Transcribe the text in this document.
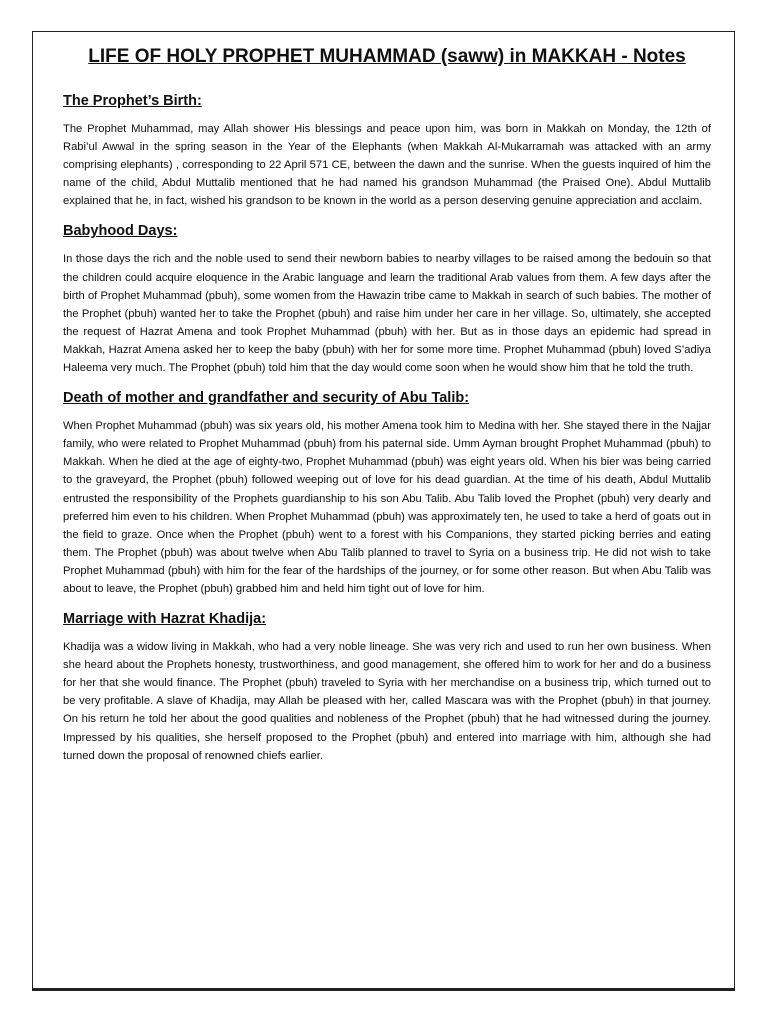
LIFE OF HOLY PROPHET MUHAMMAD (saww) in MAKKAH - Notes
The Prophet’s Birth:

The Prophet Muhammad, may Allah shower His blessings and peace upon him, was born in Makkah on Monday, the 12th of Rabi’ul Awwal in the spring season in the Year of the Elephants (when Makkah Al-Mukarramah was attacked with an army comprising elephants) , corresponding to 22 April 571 CE, between the dawn and the sunrise. When the guests inquired of him the name of the child, Abdul Muttalib mentioned that he had named his grandson Muhammad (the Praised One). Abdul Muttalib explained that he, in fact, wished his grandson to be known in the world as a person deserving genuine appreciation and acclaim.

Babyhood Days:

In those days the rich and the noble used to send their newborn babies to nearby villages to be raised among the bedouin so that the children could acquire eloquence in the Arabic language and learn the traditional Arab values from them. A few days after the birth of Prophet Muhammad (pbuh), some women from the Hawazin tribe came to Makkah in search of such babies. The mother of the Prophet (pbuh) wanted her to take the Prophet (pbuh) and raise him under her care in her village. So, ultimately, she accepted the request of Hazrat Amena and took Prophet Muhammad (pbuh) with her. But as in those days an epidemic had spread in Makkah, Hazrat Amena asked her to keep the baby (pbuh) with her for some more time. Prophet Muhammad (pbuh) loved S’adiya Haleema very much. The Prophet (pbuh) told him that the day would come soon when he would show him that he told the truth.

Death of mother and grandfather and security of Abu Talib:

When Prophet Muhammad (pbuh) was six years old, his mother Amena took him to Medina with her. She stayed there in the Najjar family, who were related to Prophet Muhammad (pbuh) from his paternal side. Umm Ayman brought Prophet Muhammad (pbuh) to Makkah. When he died at the age of eighty-two, Prophet Muhammad (pbuh) was eight years old. When his bier was being carried to the graveyard, the Prophet (pbuh) followed weeping out of love for his dead guardian. At the time of his death, Abdul Muttalib entrusted the responsibility of the Prophets guardianship to his son Abu Talib. Abu Talib loved the Prophet (pbuh) very dearly and preferred him even to his children. When Prophet Muhammad (pbuh) was approximately ten, he used to take a herd of goats out in the field to graze. Once when the Prophet (pbuh) went to a forest with his Companions, they started picking berries and eating them. The Prophet (pbuh) was about twelve when Abu Talib planned to travel to Syria on a business trip. He did not wish to take Prophet Muhammad (pbuh) with him for the fear of the hardships of the journey, or for some other reason. But when Abu Talib was about to leave, the Prophet (pbuh) grabbed him and held him tight out of love for him.

Marriage with Hazrat Khadija:

Khadija was a widow living in Makkah, who had a very noble lineage. She was very rich and used to run her own business. When she heard about the Prophets honesty, trustworthiness, and good management, she offered him to work for her and do a business for her that she would finance. The Prophet (pbuh) traveled to Syria with her merchandise on a business trip, which turned out to be very profitable. A slave of Khadija, may Allah be pleased with her, called Mascara was with the Prophet (pbuh) in that journey. On his return he told her about the good qualities and nobleness of the Prophet (pbuh) that he had witnessed during the journey. Impressed by his qualities, she herself proposed to the Prophet (pbuh) and entered into marriage with him, although she had turned down the proposal of renowned chiefs earlier.
